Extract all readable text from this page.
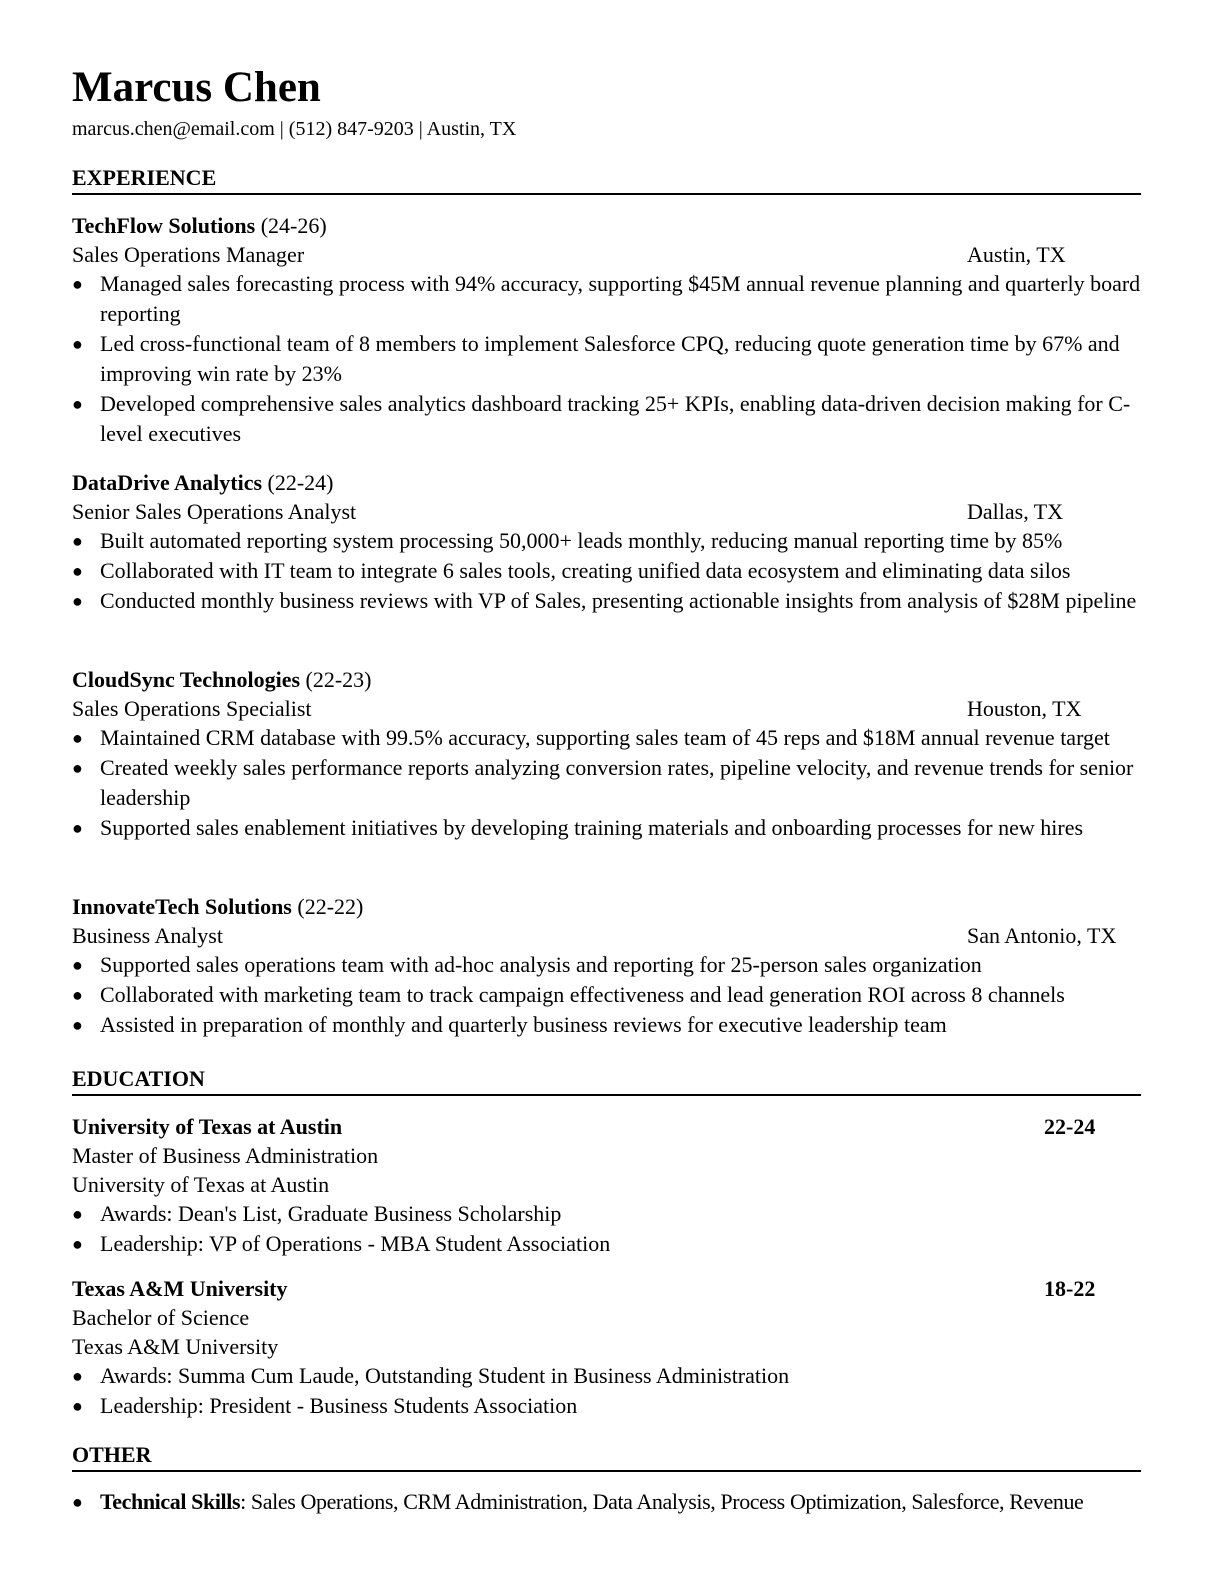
Marcus Chen
marcus.chen@email.com | (512) 847-9203 | Austin, TX
EXPERIENCE
TechFlow Solutions (24-26)
Sales Operations Manager	Austin, TX
● Managed sales forecasting process with 94% accuracy, supporting $45M annual revenue planning and quarterly board reporting
● Led cross-functional team of 8 members to implement Salesforce CPQ, reducing quote generation time by 67% and improving win rate by 23%
● Developed comprehensive sales analytics dashboard tracking 25+ KPIs, enabling data-driven decision making for C-level executives
DataDrive Analytics (22-24)
Senior Sales Operations Analyst	Dallas, TX
● Built automated reporting system processing 50,000+ leads monthly, reducing manual reporting time by 85%
● Collaborated with IT team to integrate 6 sales tools, creating unified data ecosystem and eliminating data silos
● Conducted monthly business reviews with VP of Sales, presenting actionable insights from analysis of $28M pipeline
CloudSync Technologies (22-23)
Sales Operations Specialist	Houston, TX
● Maintained CRM database with 99.5% accuracy, supporting sales team of 45 reps and $18M annual revenue target
● Created weekly sales performance reports analyzing conversion rates, pipeline velocity, and revenue trends for senior leadership
● Supported sales enablement initiatives by developing training materials and onboarding processes for new hires
InnovateTech Solutions (22-22)
Business Analyst	San Antonio, TX
● Supported sales operations team with ad-hoc analysis and reporting for 25-person sales organization
● Collaborated with marketing team to track campaign effectiveness and lead generation ROI across 8 channels
● Assisted in preparation of monthly and quarterly business reviews for executive leadership team
EDUCATION
University of Texas at Austin	22-24
Master of Business Administration
University of Texas at Austin
● Awards: Dean's List, Graduate Business Scholarship
● Leadership: VP of Operations - MBA Student Association
Texas A&M University	18-22
Bachelor of Science
Texas A&M University
● Awards: Summa Cum Laude, Outstanding Student in Business Administration
● Leadership: President - Business Students Association
OTHER
● Technical Skills: Sales Operations, CRM Administration, Data Analysis, Process Optimization, Salesforce, Revenue
